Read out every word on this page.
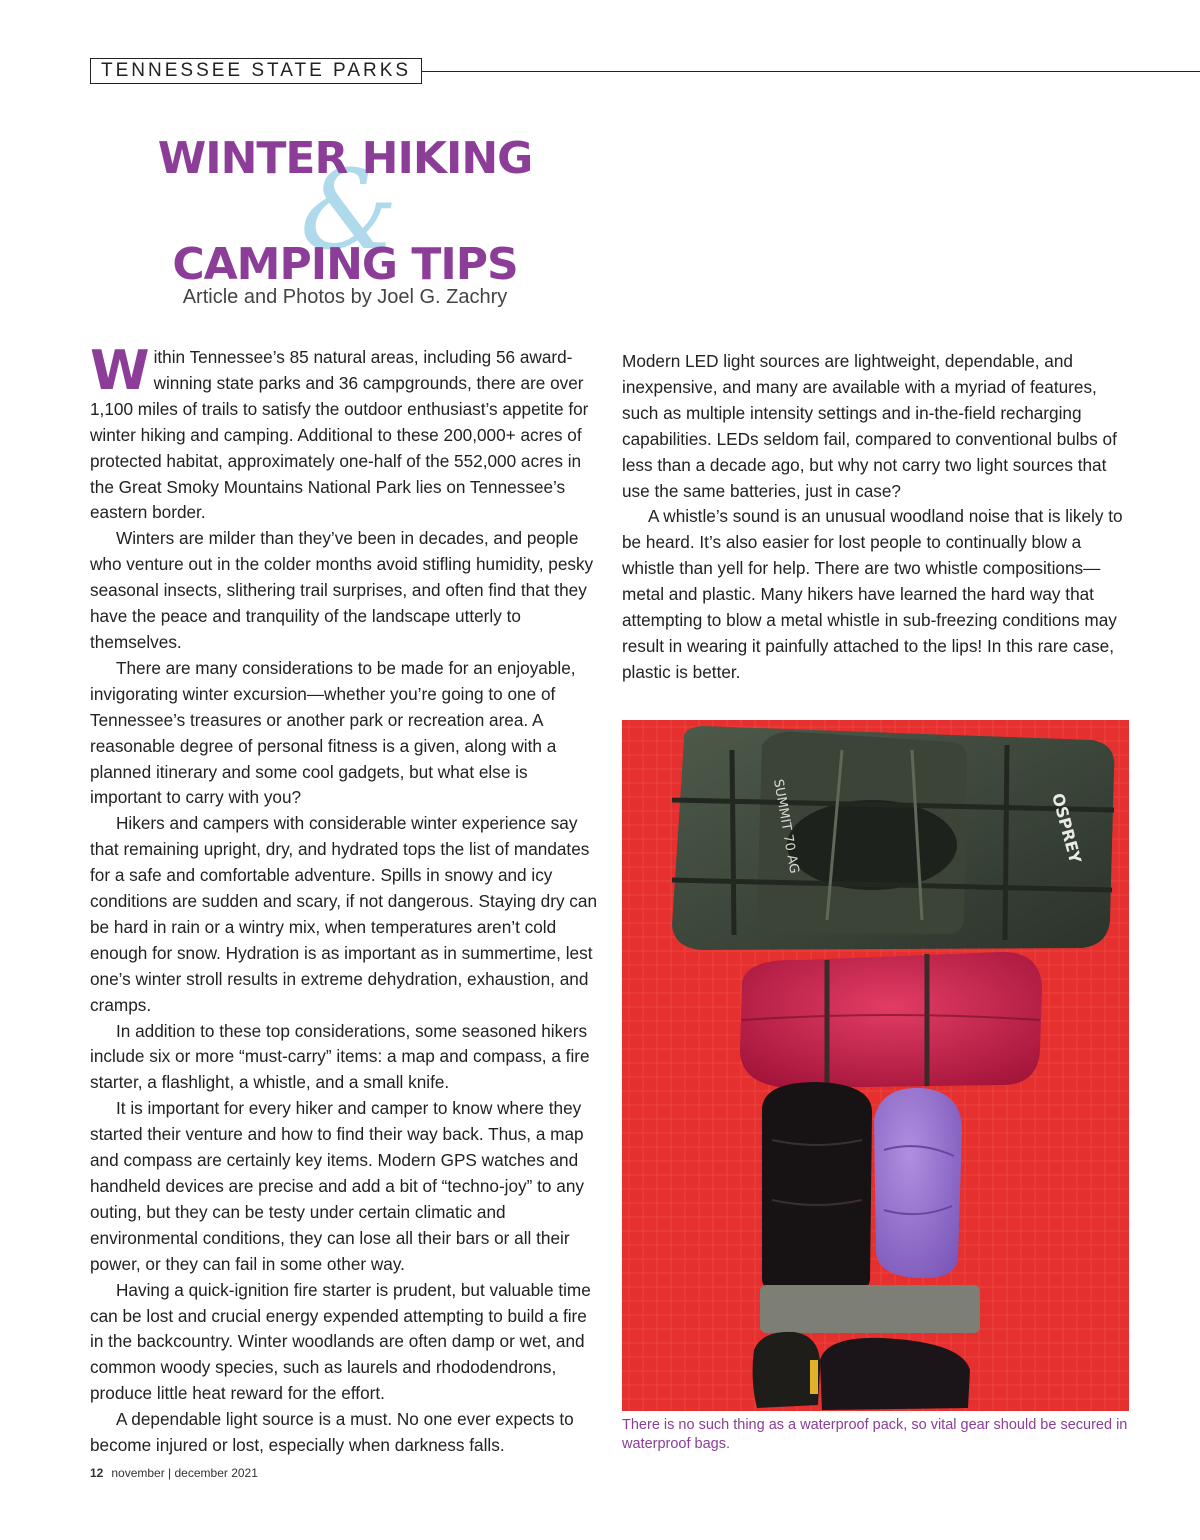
TENNESSEE STATE PARKS
&
WINTER HIKING
CAMPING TIPS
Article and Photos by Joel G. Zachry

Within Tennessee’s 85 natural areas, including 56 award-winning state parks and 36 campgrounds, there are over 1,100 miles of trails to satisfy the outdoor enthusiast’s appetite for winter hiking and camping. Additional to these 200,000+ acres of protected habitat, approximately one-half of the 552,000 acres in the Great Smoky Mountains National Park lies on Tennessee’s eastern border.

Winters are milder than they’ve been in decades, and people who venture out in the colder months avoid stifling humidity, pesky seasonal insects, slithering trail surprises, and often find that they have the peace and tranquility of the landscape utterly to themselves.

There are many considerations to be made for an enjoyable, invigorating winter excursion—whether you’re going to one of Tennessee’s treasures or another park or recreation area. A reasonable degree of personal fitness is a given, along with a planned itinerary and some cool gadgets, but what else is important to carry with you?

Hikers and campers with considerable winter experience say that remaining upright, dry, and hydrated tops the list of mandates for a safe and comfortable adventure. Spills in snowy and icy conditions are sudden and scary, if not dangerous. Staying dry can be hard in rain or a wintry mix, when temperatures aren’t cold enough for snow. Hydration is as important as in summertime, lest one’s winter stroll results in extreme dehydration, exhaustion, and cramps.

In addition to these top considerations, some seasoned hikers include six or more “must-carry” items: a map and compass, a fire starter, a flashlight, a whistle, and a small knife.

It is important for every hiker and camper to know where they started their venture and how to find their way back. Thus, a map and compass are certainly key items. Modern GPS watches and handheld devices are precise and add a bit of “techno-joy” to any outing, but they can be testy under certain climatic and environmental conditions, they can lose all their bars or all their power, or they can fail in some other way.

Having a quick-ignition fire starter is prudent, but valuable time can be lost and crucial energy expended attempting to build a fire in the backcountry. Winter woodlands are often damp or wet, and common woody species, such as laurels and rhododendrons, produce little heat reward for the effort.

A dependable light source is a must. No one ever expects to become injured or lost, especially when darkness falls.

Modern LED light sources are lightweight, dependable, and inexpensive, and many are available with a myriad of features, such as multiple intensity settings and in-the-field recharging capabilities. LEDs seldom fail, compared to conventional bulbs of less than a decade ago, but why not carry two light sources that use the same batteries, just in case?

A whistle’s sound is an unusual woodland noise that is likely to be heard. It’s also easier for lost people to continually blow a whistle than yell for help. There are two whistle compositions—metal and plastic. Many hikers have learned the hard way that attempting to blow a metal whistle in sub-freezing conditions may result in wearing it painfully attached to the lips! In this rare case, plastic is better.

SUMMIT 70 AG	OSPREY
There is no such thing as a waterproof pack, so vital gear should be secured in waterproof bags.
12 november | december 2021
